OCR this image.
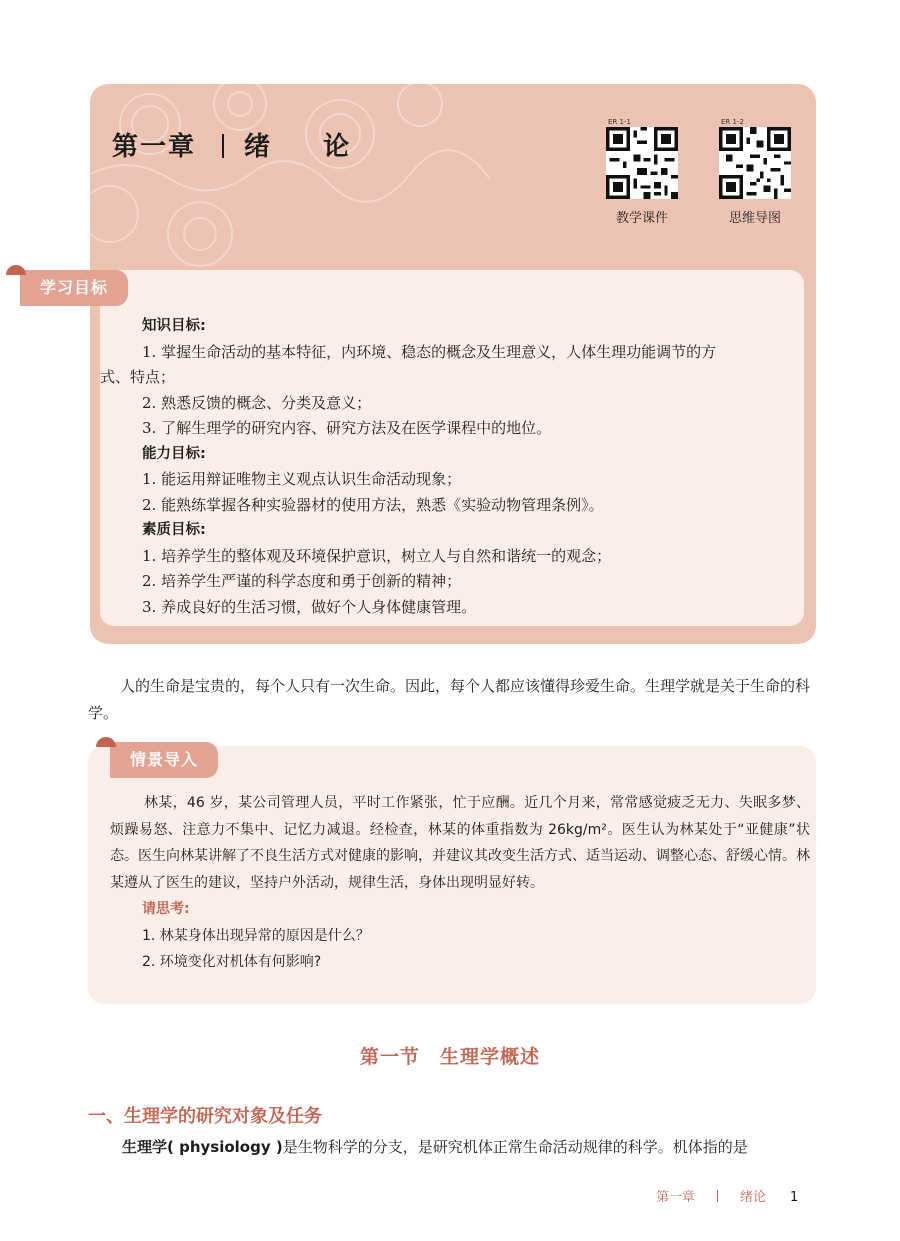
第一章 绪 论
ER 1-1
教学课件
ER 1-2
思维导图
学习目标
知识目标:
1. 掌握生命活动的基本特征，内环境、稳态的概念及生理意义，人体生理功能调节的方
式、特点；
2. 熟悉反馈的概念、分类及意义；
3. 了解生理学的研究内容、研究方法及在医学课程中的地位。
能力目标:
1. 能运用辩证唯物主义观点认识生命活动现象；
2. 能熟练掌握各种实验器材的使用方法，熟悉《实验动物管理条例》。
素质目标:
1. 培养学生的整体观及环境保护意识，树立人与自然和谐统一的观念；
2. 培养学生严谨的科学态度和勇于创新的精神；
3. 养成良好的生活习惯，做好个人身体健康管理。

人的生命是宝贵的，每个人只有一次生命。因此，每个人都应该懂得珍爱生命。生理学就是关于生命的科学。

情景导入

林某，46 岁，某公司管理人员，平时工作紧张，忙于应酬。近几个月来，常常感觉疲乏无力、失眠多梦、烦躁易怒、注意力不集中、记忆力减退。经检查，林某的体重指数为 26kg/m²。医生认为林某处于“亚健康”状态。医生向林某讲解了不良生活方式对健康的影响，并建议其改变生活方式、适当运动、调整心态、舒缓心情。林某遵从了医生的建议，坚持户外活动，规律生活，身体出现明显好转。

请思考:
1. 林某身体出现异常的原因是什么？
2. 环境变化对机体有何影响?
第一节　生理学概述
一、生理学的研究对象及任务

生理学( physiology )是生物科学的分支，是研究机体正常生命活动规律的科学。机体指的是

第一章	绪论 1
